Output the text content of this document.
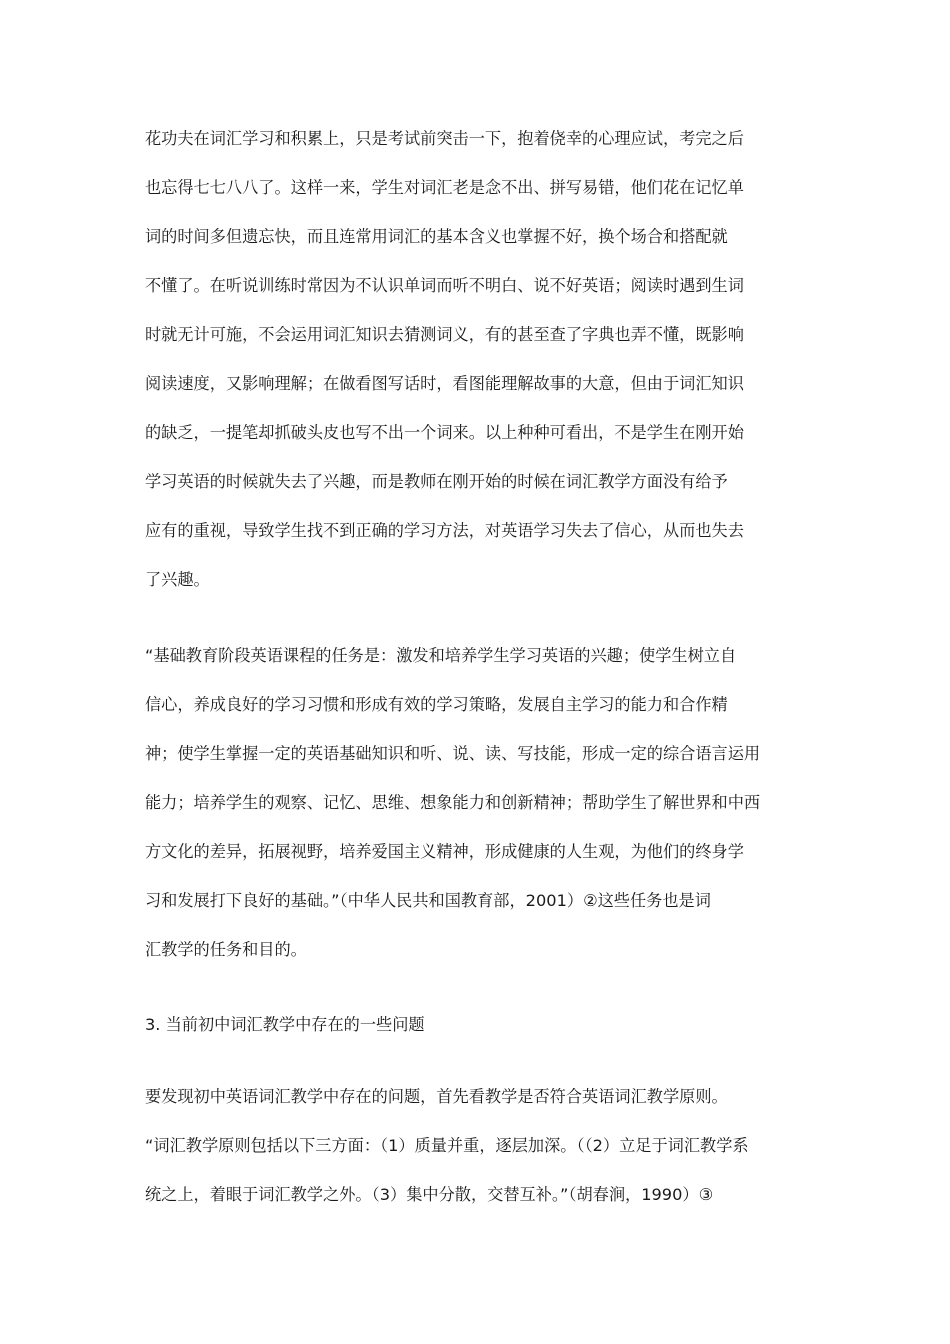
花功夫在词汇学习和积累上，只是考试前突击一下，抱着侥幸的心理应试，考完之后
也忘得七七八八了。这样一来，学生对词汇老是念不出、拼写易错，他们花在记忆单
词的时间多但遗忘快，而且连常用词汇的基本含义也掌握不好，换个场合和搭配就
不懂了。在听说训练时常因为不认识单词而听不明白、说不好英语；阅读时遇到生词
时就无计可施，不会运用词汇知识去猜测词义，有的甚至查了字典也弄不懂，既影响
阅读速度，又影响理解；在做看图写话时，看图能理解故事的大意，但由于词汇知识
的缺乏，一提笔却抓破头皮也写不出一个词来。以上种种可看出，不是学生在刚开始
学习英语的时候就失去了兴趣，而是教师在刚开始的时候在词汇教学方面没有给予
应有的重视，导致学生找不到正确的学习方法，对英语学习失去了信心，从而也失去
了兴趣。
“基础教育阶段英语课程的任务是：激发和培养学生学习英语的兴趣；使学生树立自
信心，养成良好的学习习惯和形成有效的学习策略，发展自主学习的能力和合作精
神；使学生掌握一定的英语基础知识和听、说、读、写技能，形成一定的综合语言运用
能力；培养学生的观察、记忆、思维、想象能力和创新精神；帮助学生了解世界和中西
方文化的差异，拓展视野，培养爱国主义精神，形成健康的人生观，为他们的终身学
习和发展打下良好的基础。”（中华人民共和国教育部，2001）②这些任务也是词
汇教学的任务和目的。
3. 当前初中词汇教学中存在的一些问题
要发现初中英语词汇教学中存在的问题，首先看教学是否符合英语词汇教学原则。
“词汇教学原则包括以下三方面：（1）质量并重，逐层加深。（（2）立足于词汇教学系
统之上，着眼于词汇教学之外。（3）集中分散，交替互补。”（胡春涧，1990）③
